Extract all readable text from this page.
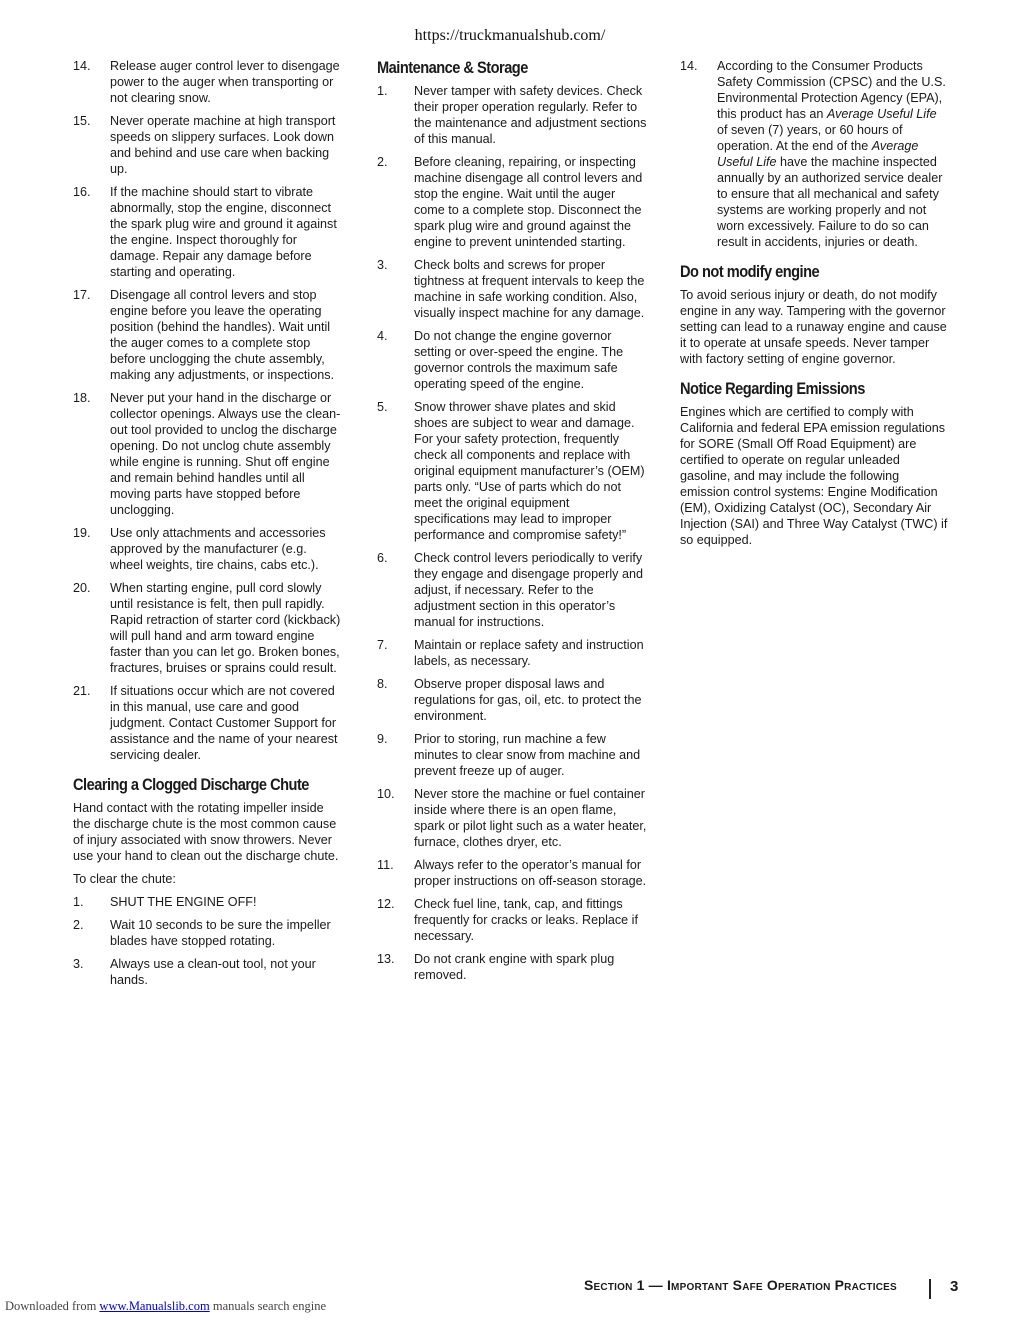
https://truckmanualshub.com/
14.	Release auger control lever to disengage power to the auger when transporting or not clearing snow.
15.	Never operate machine at high transport speeds on slippery surfaces. Look down and behind and use care when backing up.
16.	If the machine should start to vibrate abnormally, stop the engine, disconnect the spark plug wire and ground it against the engine. Inspect thoroughly for damage. Repair any damage before starting and operating.
17.	Disengage all control levers and stop engine before you leave the operating position (behind the handles). Wait until the auger comes to a complete stop before unclogging the chute assembly, making any adjustments, or inspections.
18.	Never put your hand in the discharge or collector openings. Always use the clean-out tool provided to unclog the discharge opening. Do not unclog chute assembly while engine is running. Shut off engine and remain behind handles until all moving parts have stopped before unclogging.
19.	Use only attachments and accessories approved by the manufacturer (e.g. wheel weights, tire chains, cabs etc.).
20.	When starting engine, pull cord slowly until resistance is felt, then pull rapidly. Rapid retraction of starter cord (kickback) will pull hand and arm toward engine faster than you can let go. Broken bones, fractures, bruises or sprains could result.
21.	If situations occur which are not covered in this manual, use care and good judgment. Contact Customer Support for assistance and the name of your nearest servicing dealer.
Clearing a Clogged Discharge Chute

Hand contact with the rotating impeller inside the discharge chute is the most common cause of injury associated with snow throwers. Never use your hand to clean out the discharge chute.

To clear the chute:

1.	SHUT THE ENGINE OFF!
2.	Wait 10 seconds to be sure the impeller blades have stopped rotating.
3.	Always use a clean-out tool, not your hands.
Maintenance & Storage
1.	Never tamper with safety devices. Check their proper operation regularly. Refer to the maintenance and adjustment sections of this manual.
2.	Before cleaning, repairing, or inspecting machine disengage all control levers and stop the engine. Wait until the auger come to a complete stop. Disconnect the spark plug wire and ground against the engine to prevent unintended starting.
3.	Check bolts and screws for proper tightness at frequent intervals to keep the machine in safe working condition. Also, visually inspect machine for any damage.
4.	Do not change the engine governor setting or over-speed the engine. The governor controls the maximum safe operating speed of the engine.
5.	Snow thrower shave plates and skid shoes are subject to wear and damage. For your safety protection, frequently check all components and replace with original equipment manufacturer’s (OEM) parts only. “Use of parts which do not meet the original equipment specifications may lead to improper performance and compromise safety!”
6.	Check control levers periodically to verify they engage and disengage properly and adjust, if necessary. Refer to the adjustment section in this operator’s manual for instructions.
7.	Maintain or replace safety and instruction labels, as necessary.
8.	Observe proper disposal laws and regulations for gas, oil, etc. to protect the environment.
9.	Prior to storing, run machine a few minutes to clear snow from machine and prevent freeze up of auger.
10.	Never store the machine or fuel container inside where there is an open flame, spark or pilot light such as a water heater, furnace, clothes dryer, etc.
11.	Always refer to the operator’s manual for proper instructions on off-season storage.
12.	Check fuel line, tank, cap, and fittings frequently for cracks or leaks. Replace if necessary.
13.	Do not crank engine with spark plug removed.
14.	According to the Consumer Products Safety Commission (CPSC) and the U.S. Environmental Protection Agency (EPA), this product has an Average Useful Life of seven (7) years, or 60 hours of operation. At the end of the Average Useful Life have the machine inspected annually by an authorized service dealer to ensure that all mechanical and safety systems are working properly and not worn excessively. Failure to do so can result in accidents, injuries or death.
Do not modify engine

To avoid serious injury or death, do not modify engine in any way. Tampering with the governor setting can lead to a runaway engine and cause it to operate at unsafe speeds. Never tamper with factory setting of engine governor.

Notice Regarding Emissions

Engines which are certified to comply with California and federal EPA emission regulations for SORE (Small Off Road Equipment) are certified to operate on regular unleaded gasoline, and may include the following emission control systems: Engine Modification (EM), Oxidizing Catalyst (OC), Secondary Air Injection (SAI) and Three Way Catalyst (TWC) if so equipped.

Section 1 — Important Safe Operation Practices	3
Downloaded from www.Manualslib.com manuals search engine
